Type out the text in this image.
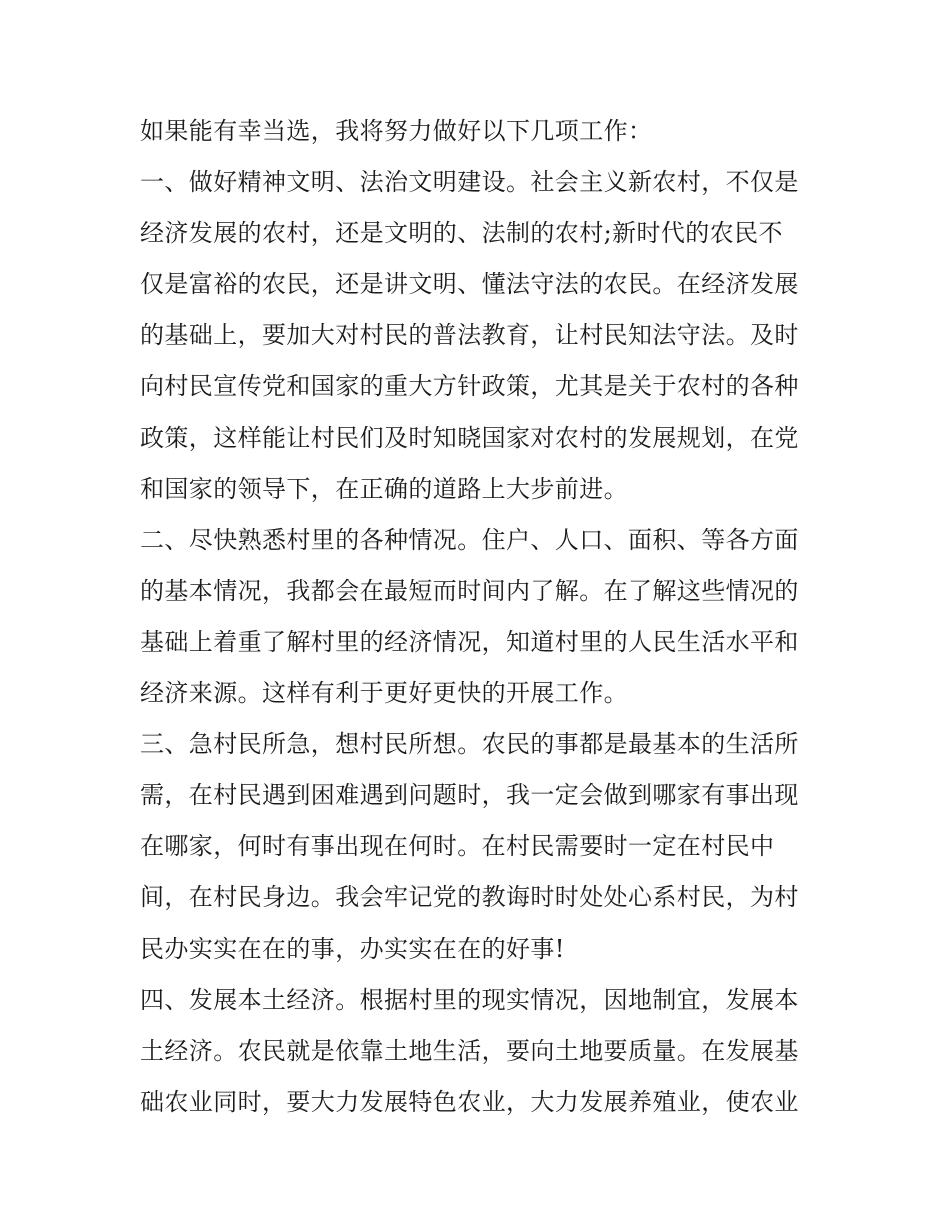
如果能有幸当选，我将努力做好以下几项工作：
一、做好精神文明、法治文明建设。社会主义新农村，不仅是
经济发展的农村，还是文明的、法制的农村;新时代的农民不
仅是富裕的农民，还是讲文明、懂法守法的农民。在经济发展
的基础上，要加大对村民的普法教育，让村民知法守法。及时
向村民宣传党和国家的重大方针政策，尤其是关于农村的各种
政策，这样能让村民们及时知晓国家对农村的发展规划，在党
和国家的领导下，在正确的道路上大步前进。
二、尽快熟悉村里的各种情况。住户、人口、面积、等各方面
的基本情况，我都会在最短而时间内了解。在了解这些情况的
基础上着重了解村里的经济情况，知道村里的人民生活水平和
经济来源。这样有利于更好更快的开展工作。
三、急村民所急，想村民所想。农民的事都是最基本的生活所
需，在村民遇到困难遇到问题时，我一定会做到哪家有事出现
在哪家，何时有事出现在何时。在村民需要时一定在村民中
间，在村民身边。我会牢记党的教诲时时处处心系村民，为村
民办实实在在的事，办实实在在的好事!
四、发展本土经济。根据村里的现实情况，因地制宜，发展本
土经济。农民就是依靠土地生活，要向土地要质量。在发展基
础农业同时，要大力发展特色农业，大力发展养殖业，使农业
